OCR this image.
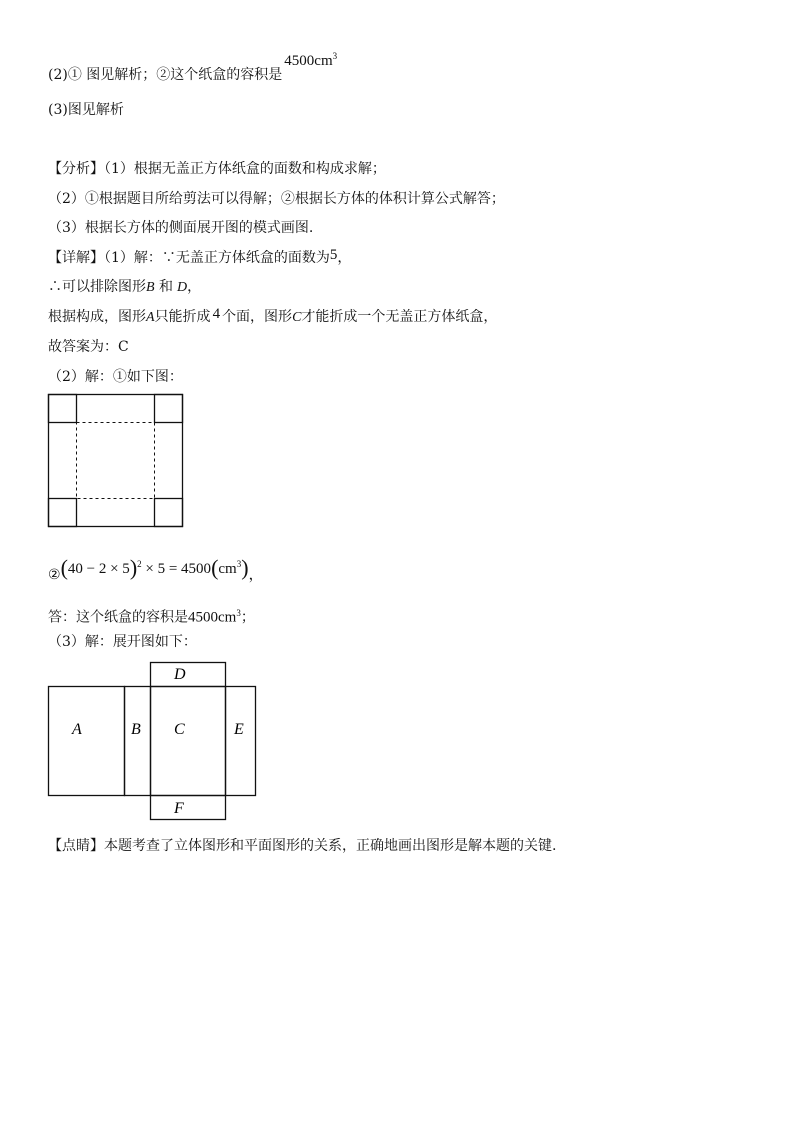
(2)① 图见解析；②这个纸盒的容积是$4500cm^3$
(3)图见解析
【分析】（1）根据无盖正方体纸盒的面数和构成求解；
（2）①根据题目所给剪法可以得解；②根据长方体的体积计算公式解答；
（3）根据长方体的侧面展开图的模式画图.
【详解】（1）解：∵无盖正方体纸盒的面数为5，
∴可以排除图形B 和 D，
根据构成，图形A只能折成 4 个面，图形C才能折成一个无盖正方体纸盒，
故答案为：C
（2）解：①如下图：
②(40 − $2 \times 5)^2 \times 5 = 4500(cm^3)$，
答：这个纸盒的容积是$4500cm^3$；
（3）解：展开图如下：
A	B C
D
E
F
【点睛】本题考查了立体图形和平面图形的关系，正确地画出图形是解本题的关键.
